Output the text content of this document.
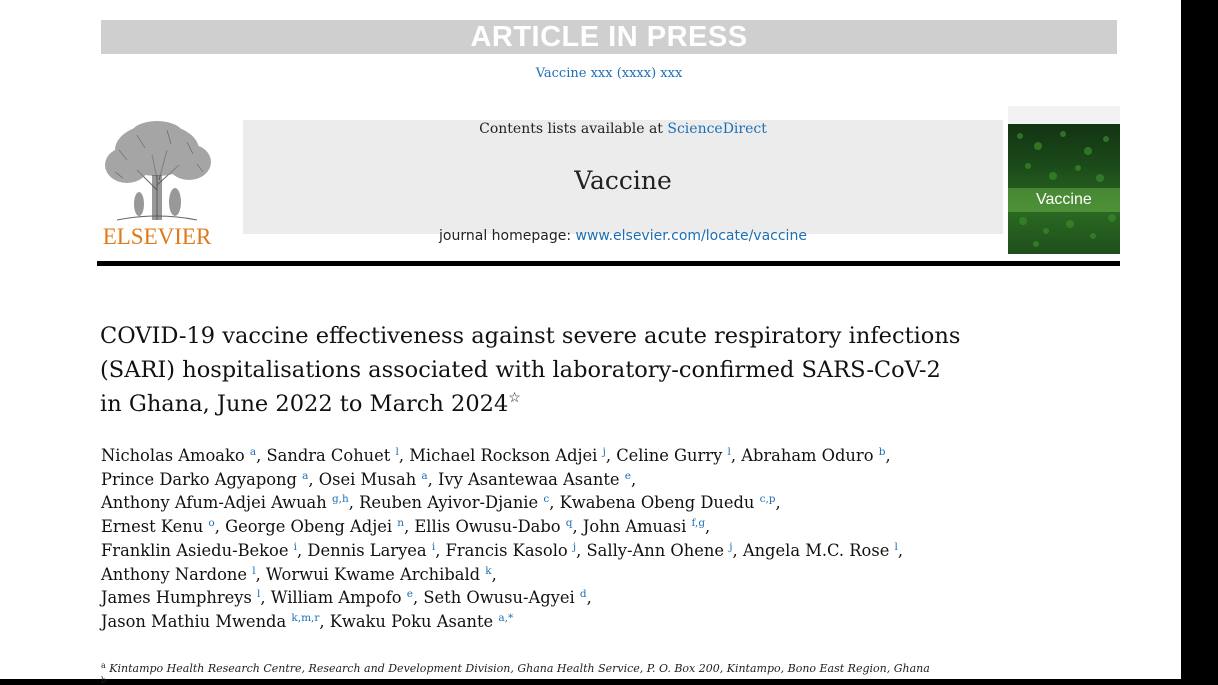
ARTICLE IN PRESS
Vaccine xxx (xxxx) xxx
ELSEVIER
Contents lists available at ScienceDirect
Vaccine
journal homepage: www.elsevier.com/locate/vaccine
Vaccine
COVID-19 vaccine effectiveness against severe acute respiratory infections
(SARI) hospitalisations associated with laboratory-confirmed SARS-CoV-2
in Ghana, June 2022 to March 2024☆
Nicholas Amoako $^a$, Sandra Cohuet $^l$, Michael Rockson Adjei $^j$, Celine Gurry $^l$, Abraham Oduro $^b$,
Prince Darko Agyapong $^a$, Osei Musah $^a$, Ivy Asantewaa Asante $^e$,
Anthony Afum-Adjei Awuah $^{g,h}$, Reuben Ayivor-Djanie $^c$, Kwabena Obeng Duedu $^{c,p}$,
Ernest Kenu $^o$, George Obeng Adjei $^n$, Ellis Owusu-Dabo $^q$, John Amuasi $^{f,g}$,
Franklin Asiedu-Bekoe $^i$, Dennis Laryea $^i$, Francis Kasolo $^j$, Sally-Ann Ohene $^j$, Angela M.C. Rose $^l$,
Anthony Nardone $^l$, Worwui Kwame Archibald $^k$,
James Humphreys $^l$, William Ampofo $^e$, Seth Owusu-Agyei $^d$,
Jason Mathiu Mwenda $^{k,m,r}$, Kwaku Poku Asante $^{a,*}$
$^a$ Kintampo Health Research Centre, Research and Development Division, Ghana Health Service, P. O. Box 200, Kintampo, Bono East Region, Ghana
b
